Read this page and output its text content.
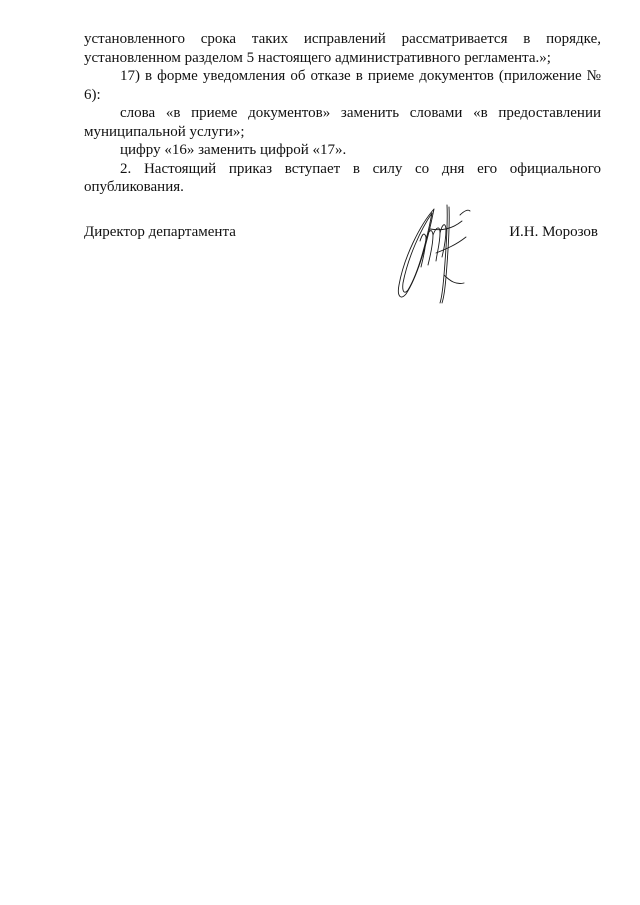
установленного срока таких исправлений рассматривается в порядке, установленном разделом 5 настоящего административного регламента.»;

17) в форме уведомления об отказе в приеме документов (приложение № 6):

слова «в приеме документов» заменить словами «в предоставлении муниципальной услуги»;

цифру «16» заменить цифрой «17».

2. Настоящий приказ вступает в силу со дня его официального опубликования.

Директор департамента	И.Н. Морозов
